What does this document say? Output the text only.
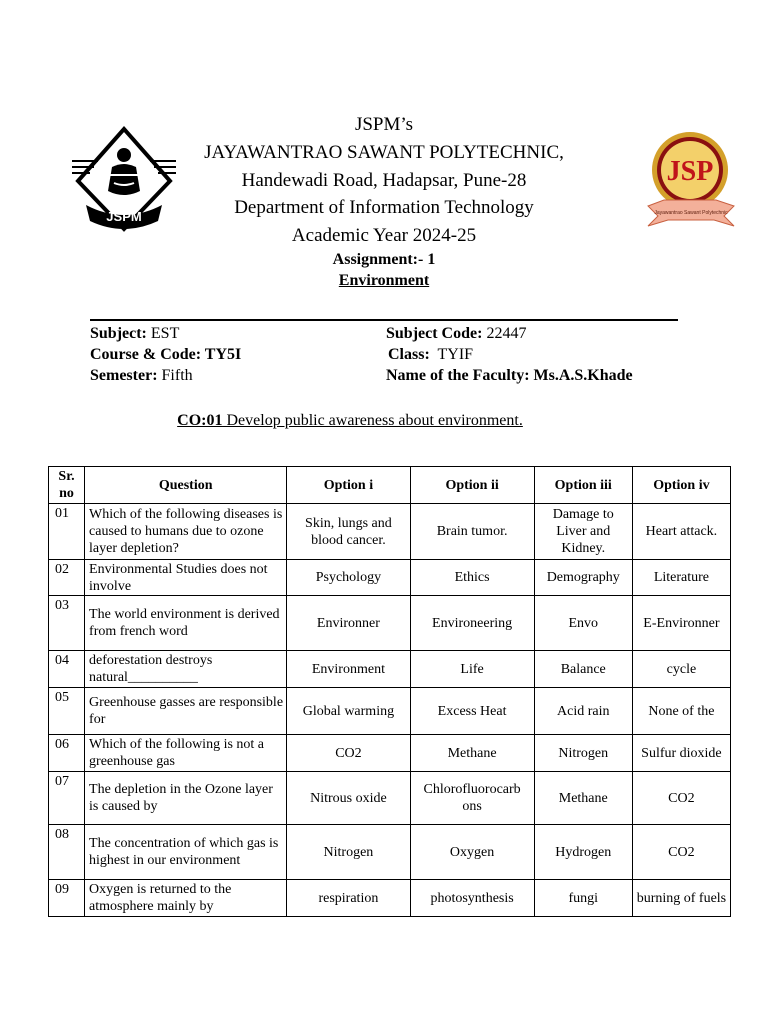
JSPM
JSP
Jayawantrao Sawant Polytechnic
JSPM’s
JAYAWANTRAO SAWANT POLYTECHNIC,
Handewadi Road, Hadapsar, Pune-28
Department of Information Technology
Academic Year 2024-25
Assignment:- 1
Environment
Subject: EST	Subject Code: 22447
Course & Code: TY5I	Class:  TYIF
Semester: Fifth	Name of the Faculty: Ms.A.S.Khade
CO:01 Develop public awareness about environment.
Sr.
no	Question	Option i	Option ii	Option iii	Option iv
01	Which of the following diseases is caused to humans due to ozone layer depletion?	Skin, lungs and blood cancer.	Brain tumor.	Damage to Liver and Kidney.	Heart attack.
02	Environmental Studies does not involve	Psychology	Ethics	Demography	Literature
03	The world environment is derived from french word	Environner	Environeering	Envo	E-Environner
04	deforestation destroys natural__________	Environment	Life	Balance	cycle
05	Greenhouse gasses are responsible for	Global warming	Excess Heat	Acid rain	None of the
06	Which of the following is not a greenhouse gas	CO2	Methane	Nitrogen	Sulfur dioxide
07	The depletion in the Ozone layer is caused by	Nitrous oxide	Chlorofluorocarb ons	Methane	CO2
08	The concentration of which gas is highest in our environment	Nitrogen	Oxygen	Hydrogen	CO2
09	Oxygen is returned to the atmosphere mainly by	respiration	photosynthesis	fungi	burning of fuels
